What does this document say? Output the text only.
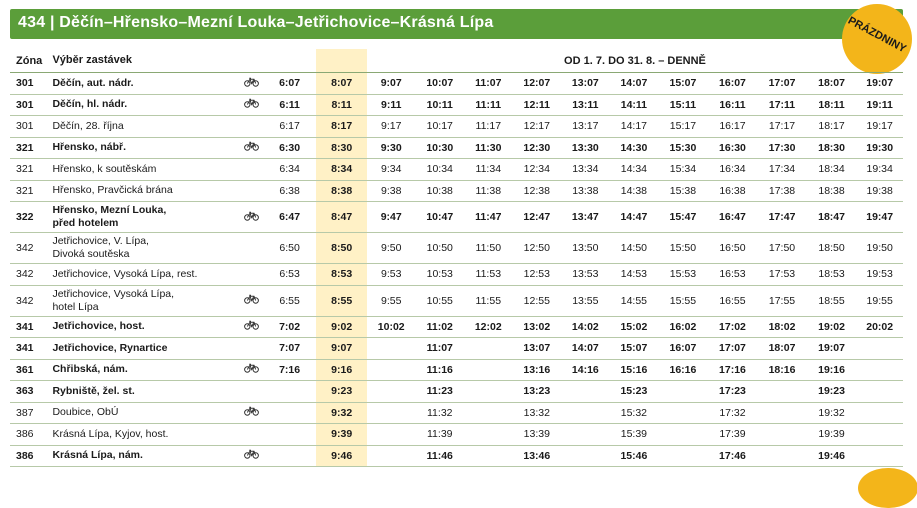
434 | Děčín–Hřensko–Mezní Louka–Jetřichovice–Krásná Lípa	PRÁZDNINY
Zóna	Výběr zastávek				OD 1. 7. DO 31. 8. – DENNĚ										
301	Děčín, aut. nádr.		6:07	8:07	9:07	10:07	11:07	12:07	13:07	14:07	15:07	16:07	17:07	18:07	19:07
301	Děčín, hl. nádr.		6:11	8:11	9:11	10:11	11:11	12:11	13:11	14:11	15:11	16:11	17:11	18:11	19:11
301	Děčín, 28. října		6:17	8:17	9:17	10:17	11:17	12:17	13:17	14:17	15:17	16:17	17:17	18:17	19:17
321	Hřensko, nábř.		6:30	8:30	9:30	10:30	11:30	12:30	13:30	14:30	15:30	16:30	17:30	18:30	19:30
321	Hřensko, k soutěskám		6:34	8:34	9:34	10:34	11:34	12:34	13:34	14:34	15:34	16:34	17:34	18:34	19:34
321	Hřensko, Pravčická brána		6:38	8:38	9:38	10:38	11:38	12:38	13:38	14:38	15:38	16:38	17:38	18:38	19:38
322	Hřensko, Mezní Louka,
před hotelem		6:47	8:47	9:47	10:47	11:47	12:47	13:47	14:47	15:47	16:47	17:47	18:47	19:47
342	Jetřichovice, V. Lípa,
Divoká soutěska		6:50	8:50	9:50	10:50	11:50	12:50	13:50	14:50	15:50	16:50	17:50	18:50	19:50
342	Jetřichovice, Vysoká Lípa, rest.		6:53	8:53	9:53	10:53	11:53	12:53	13:53	14:53	15:53	16:53	17:53	18:53	19:53
342	Jetřichovice, Vysoká Lípa,
hotel Lípa		6:55	8:55	9:55	10:55	11:55	12:55	13:55	14:55	15:55	16:55	17:55	18:55	19:55
341	Jetřichovice, host.		7:02	9:02	10:02	11:02	12:02	13:02	14:02	15:02	16:02	17:02	18:02	19:02	20:02
341	Jetřichovice, Rynartice		7:07	9:07		11:07		13:07	14:07	15:07	16:07	17:07	18:07	19:07	
361	Chřibská, nám.		7:16	9:16		11:16		13:16	14:16	15:16	16:16	17:16	18:16	19:16	
363	Rybniště, žel. st.			9:23		11:23		13:23		15:23		17:23		19:23	
387	Doubice, ObÚ			9:32		11:32		13:32		15:32		17:32		19:32	
386	Krásná Lípa, Kyjov, host.			9:39		11:39		13:39		15:39		17:39		19:39	
386	Krásná Lípa, nám.			9:46		11:46		13:46		15:46		17:46		19:46	
